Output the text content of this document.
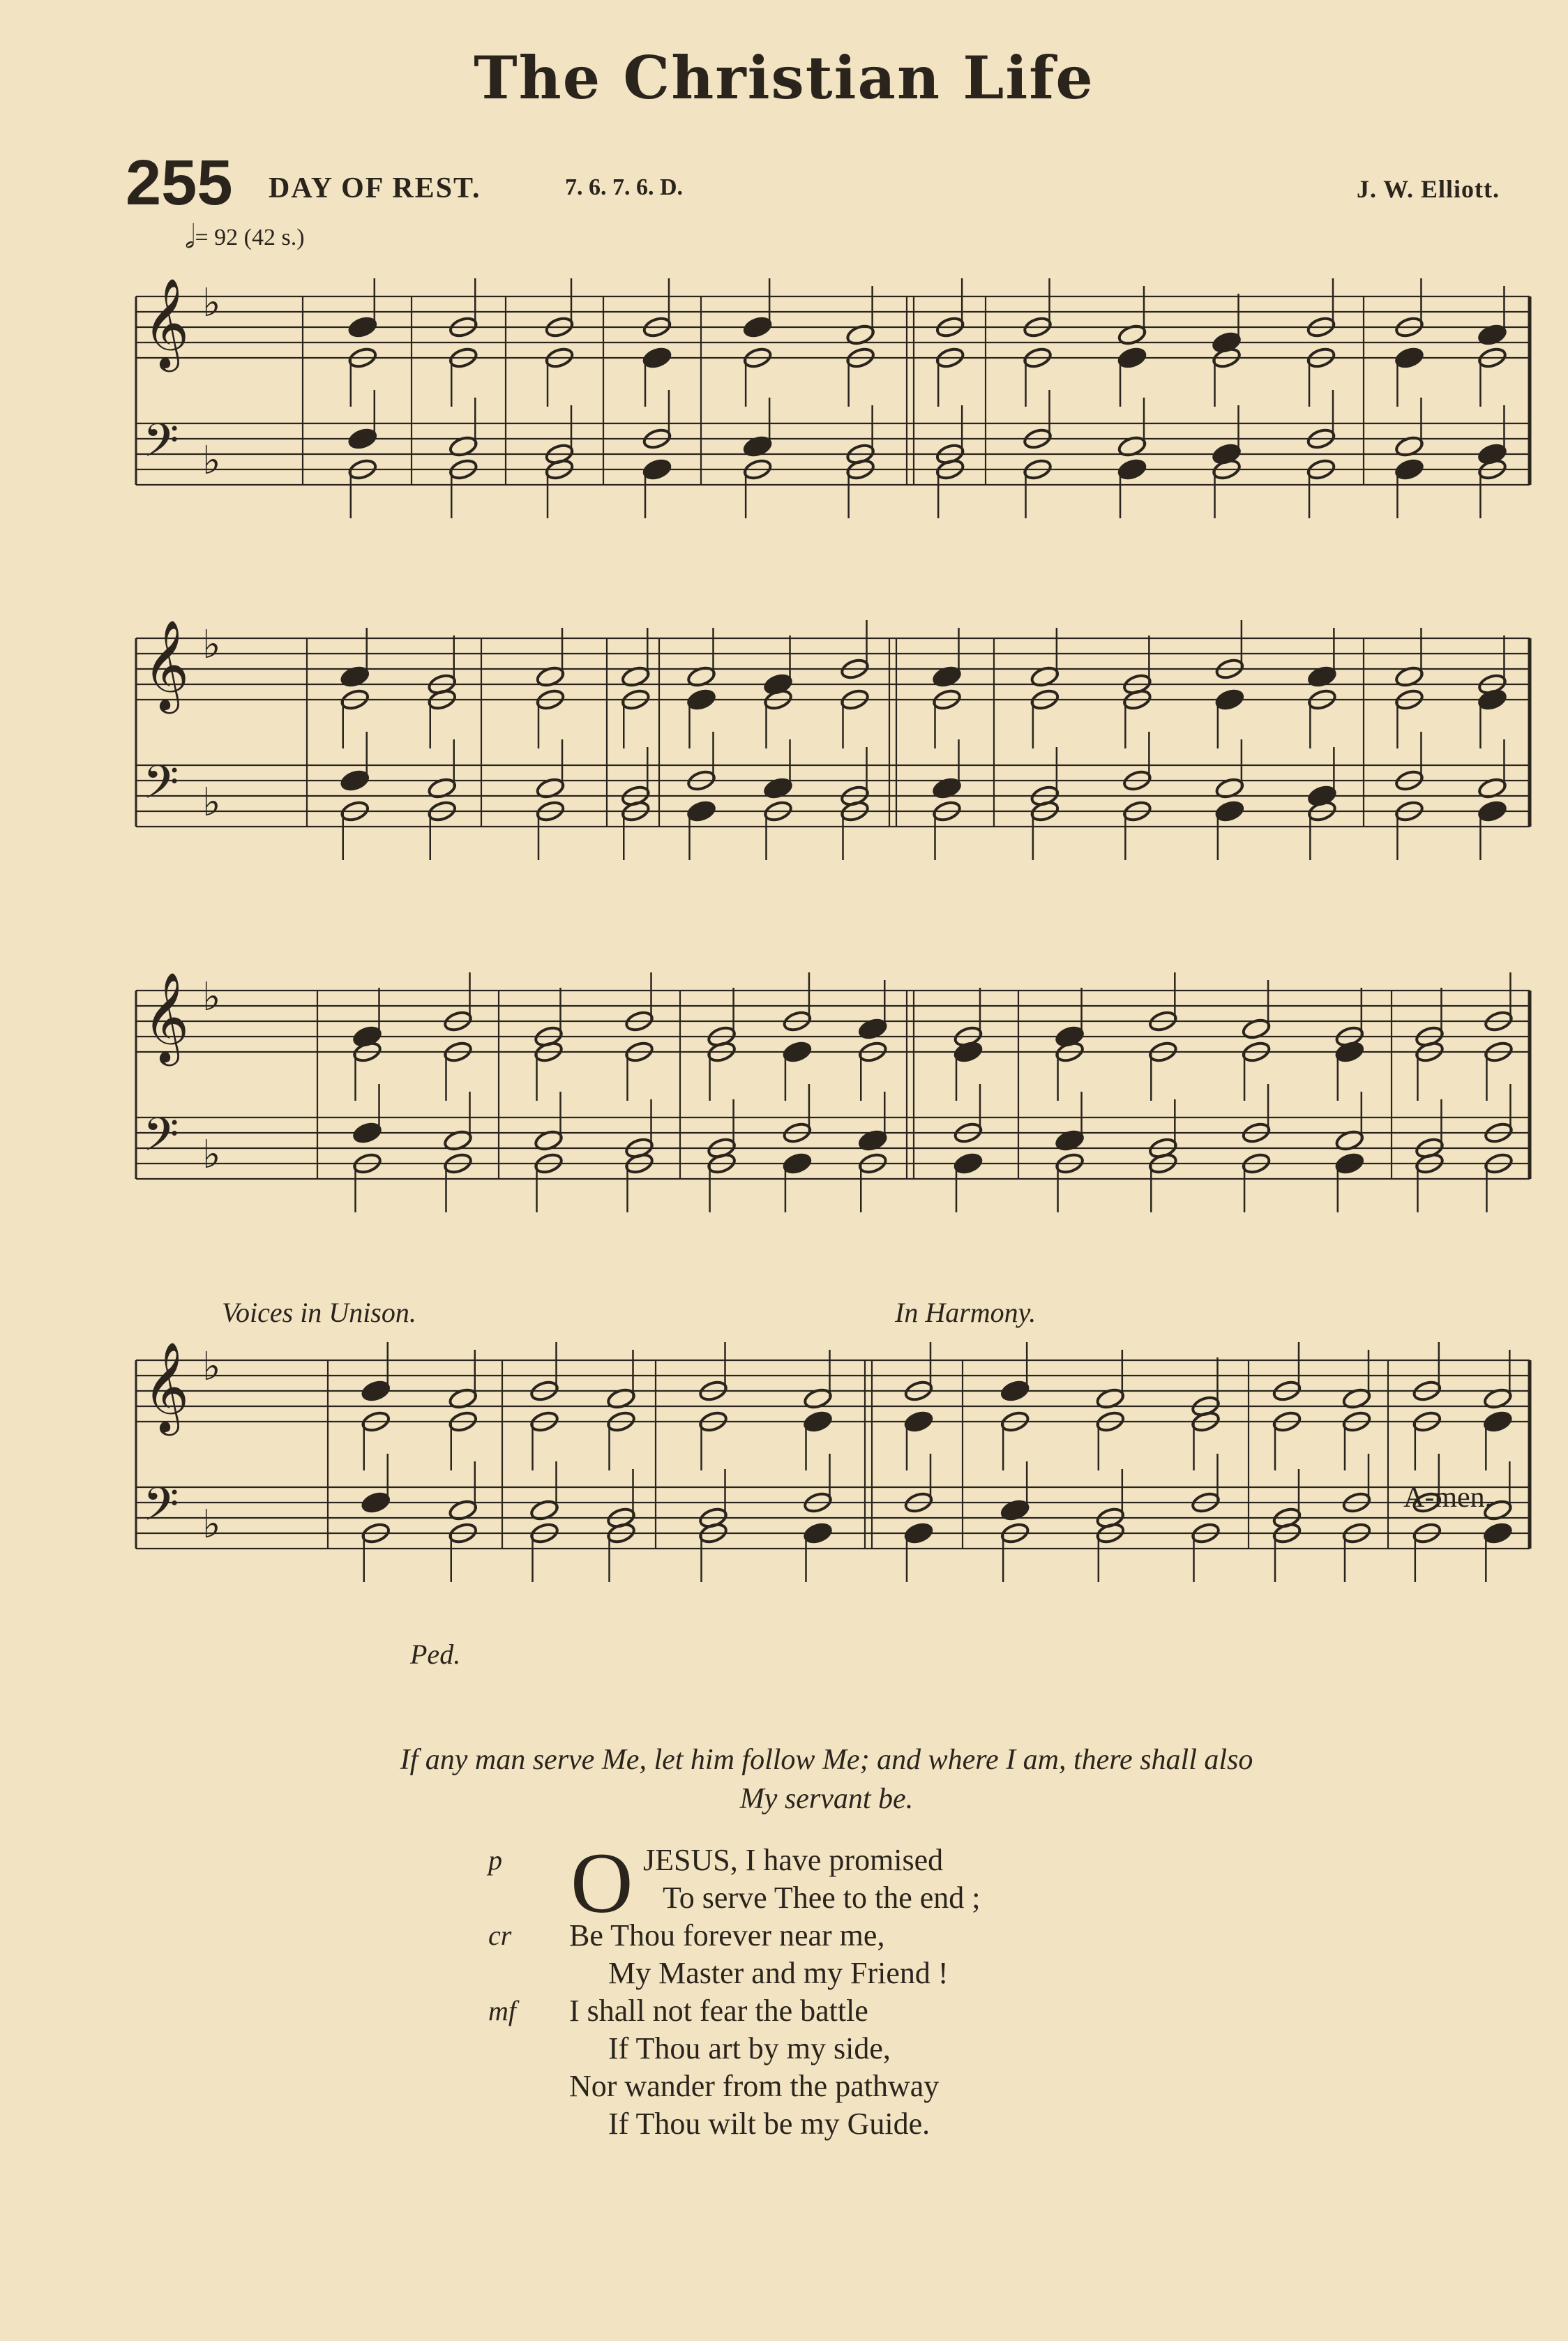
The Christian Life
255 DAY OF REST.	7. 6. 7. 6. D.	J. W. Elliott.
𝅗𝅥= 92 (42 s.)
𝄞 ♭
𝄢 ♭
𝄞 ♭
𝄢 ♭
𝄞 ♭
𝄢 ♭
𝄞 ♭
𝄢 ♭
Voices in Unison.	In Harmony.
Ped.
A-men.
If any man serve Me, let him follow Me; and where I am, there shall also
My servant be.
O
p	JESUS, I have promised
To serve Thee to the end ;
cr	Be Thou forever near me,
My Master and my Friend !
mf	I shall not fear the battle
If Thou art by my side,
Nor wander from the pathway
If Thou wilt be my Guide.
